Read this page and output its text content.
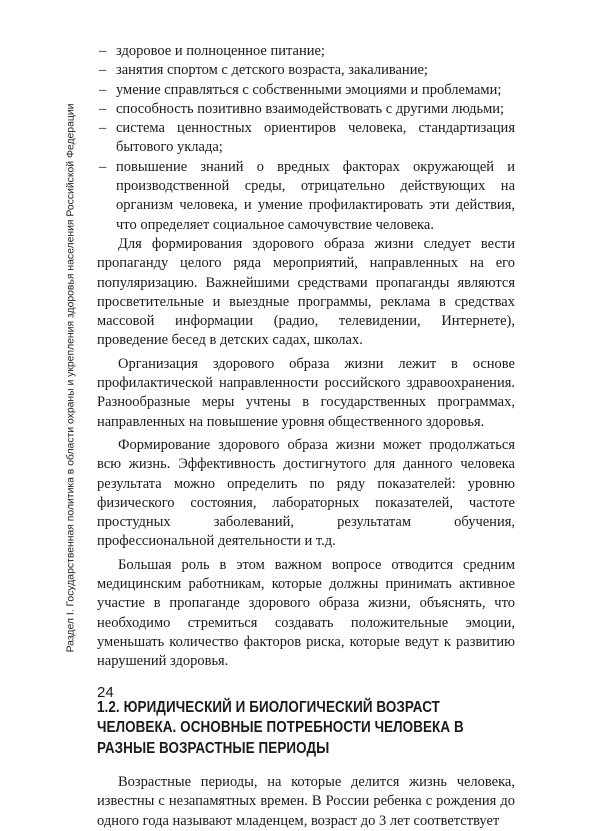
Раздел I. Государственная политика в области охраны и укрепления здоровья населения Российской Федерации
– здоровое и полноценное питание;
– занятия спортом с детского возраста, закаливание;
– умение справляться с собственными эмоциями и проблемами;
– способность позитивно взаимодействовать с другими людьми;
– система ценностных ориентиров человека, стандартизация бытового уклада;
– повышение знаний о вредных факторах окружающей и производственной среды, отрицательно действующих на организм человека, и умение профилактировать эти действия, что определяет социальное самочувствие человека.

Для формирования здорового образа жизни следует вести пропаганду целого ряда мероприятий, направленных на его популяризацию. Важнейшими средствами пропаганды являются просветительные и выездные программы, реклама в средствах массовой информации (радио, телевидении, Интернете), проведение бесед в детских садах, школах.

Организация здорового образа жизни лежит в основе профилактической направленности российского здравоохранения. Разнообразные меры учтены в государственных программах, направленных на повышение уровня общественного здоровья.

Формирование здорового образа жизни может продолжаться всю жизнь. Эффективность достигнутого для данного человека результата можно определить по ряду показателей: уровню физического состояния, лабораторных показателей, частоте простудных заболеваний, результатам обучения, профессиональной деятельности и т.д.

Большая роль в этом важном вопросе отводится средним медицинским работникам, которые должны принимать активное участие в пропаганде здорового образа жизни, объяснять, что необходимо стремиться создавать положительные эмоции, уменьшать количество факторов риска, которые ведут к развитию нарушений здоровья.

1.2. ЮРИДИЧЕСКИЙ И БИОЛОГИЧЕСКИЙ ВОЗРАСТ ЧЕЛОВЕКА. ОСНОВНЫЕ ПОТРЕБНОСТИ ЧЕЛОВЕКА В РАЗНЫЕ ВОЗРАСТНЫЕ ПЕРИОДЫ

Возрастные периоды, на которые делится жизнь человека, известны с незапамятных времен. В России ребенка с рождения до одного года называют младенцем, возраст до 3 лет соответствует

24
